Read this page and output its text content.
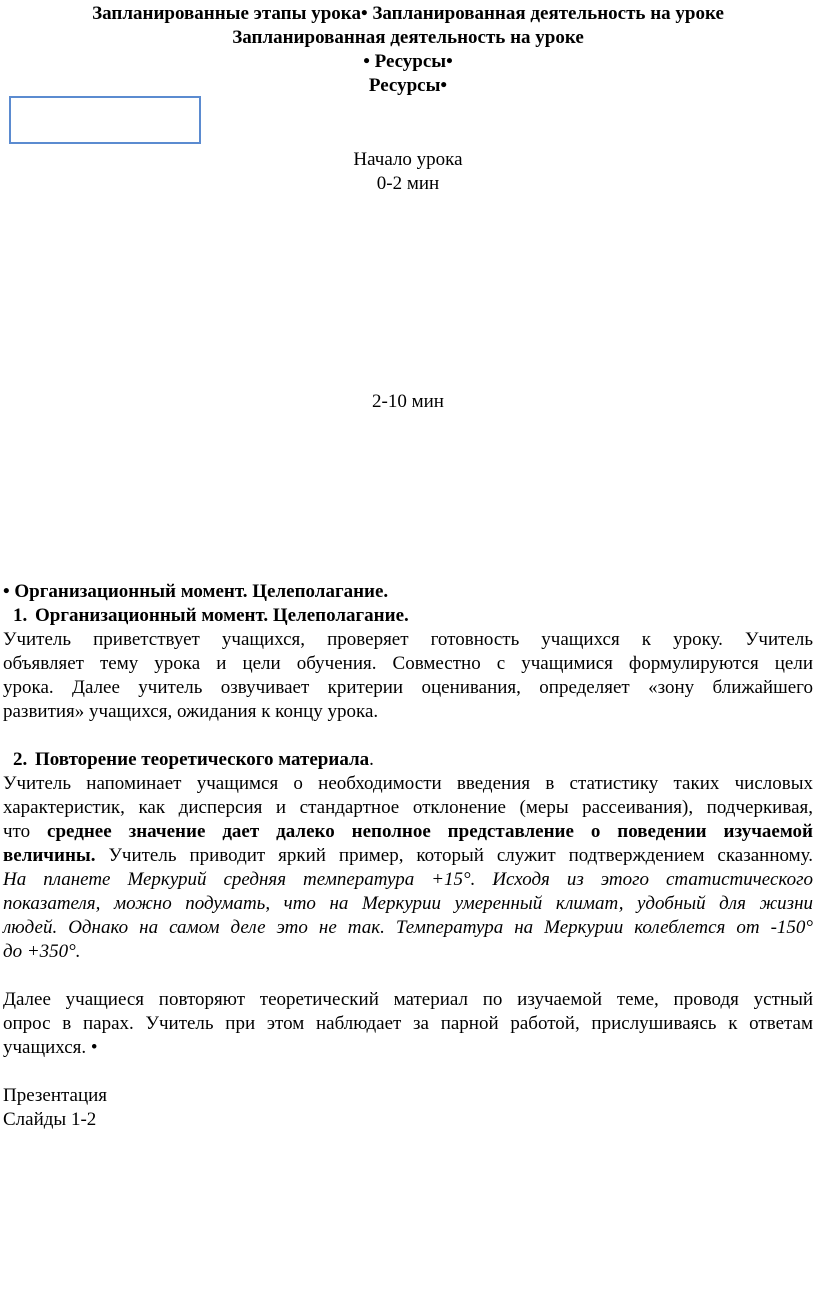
Запланированные этапы урока• Запланированная деятельность на уроке
Запланированная деятельность на уроке
• Ресурсы•
Ресурсы•
Начало урока
0-2 мин
2-10 мин
• Организационный момент. Целеполагание.
1. Организационный момент. Целеполагание.
Учитель приветствует учащихся, проверяет готовность учащихся к уроку. Учитель
объявляет тему урока и цели обучения. Совместно с учащимися формулируются цели
урока. Далее учитель озвучивает критерии оценивания, определяет «зону ближайшего
развития» учащихся, ожидания к концу урока.
2. Повторение теоретического материала.
Учитель напоминает учащимся о необходимости введения в статистику таких числовых
характеристик, как дисперсия и стандартное отклонение (меры рассеивания), подчеркивая,
что среднее значение дает далеко неполное представление о поведении изучаемой
величины. Учитель приводит яркий пример, который служит подтверждением сказанному.
На планете Меркурий средняя температура +15°. Исходя из этого статистического
показателя, можно подумать, что на Меркурии умеренный климат, удобный для жизни
людей. Однако на самом деле это не так. Температура на Меркурии колеблется от -150°
до +350°.
Далее учащиеся повторяют теоретический материал по изучаемой теме, проводя устный
опрос в парах. Учитель при этом наблюдает за парной работой, прислушиваясь к ответам
учащихся. •
Презентация
Слайды 1-2
